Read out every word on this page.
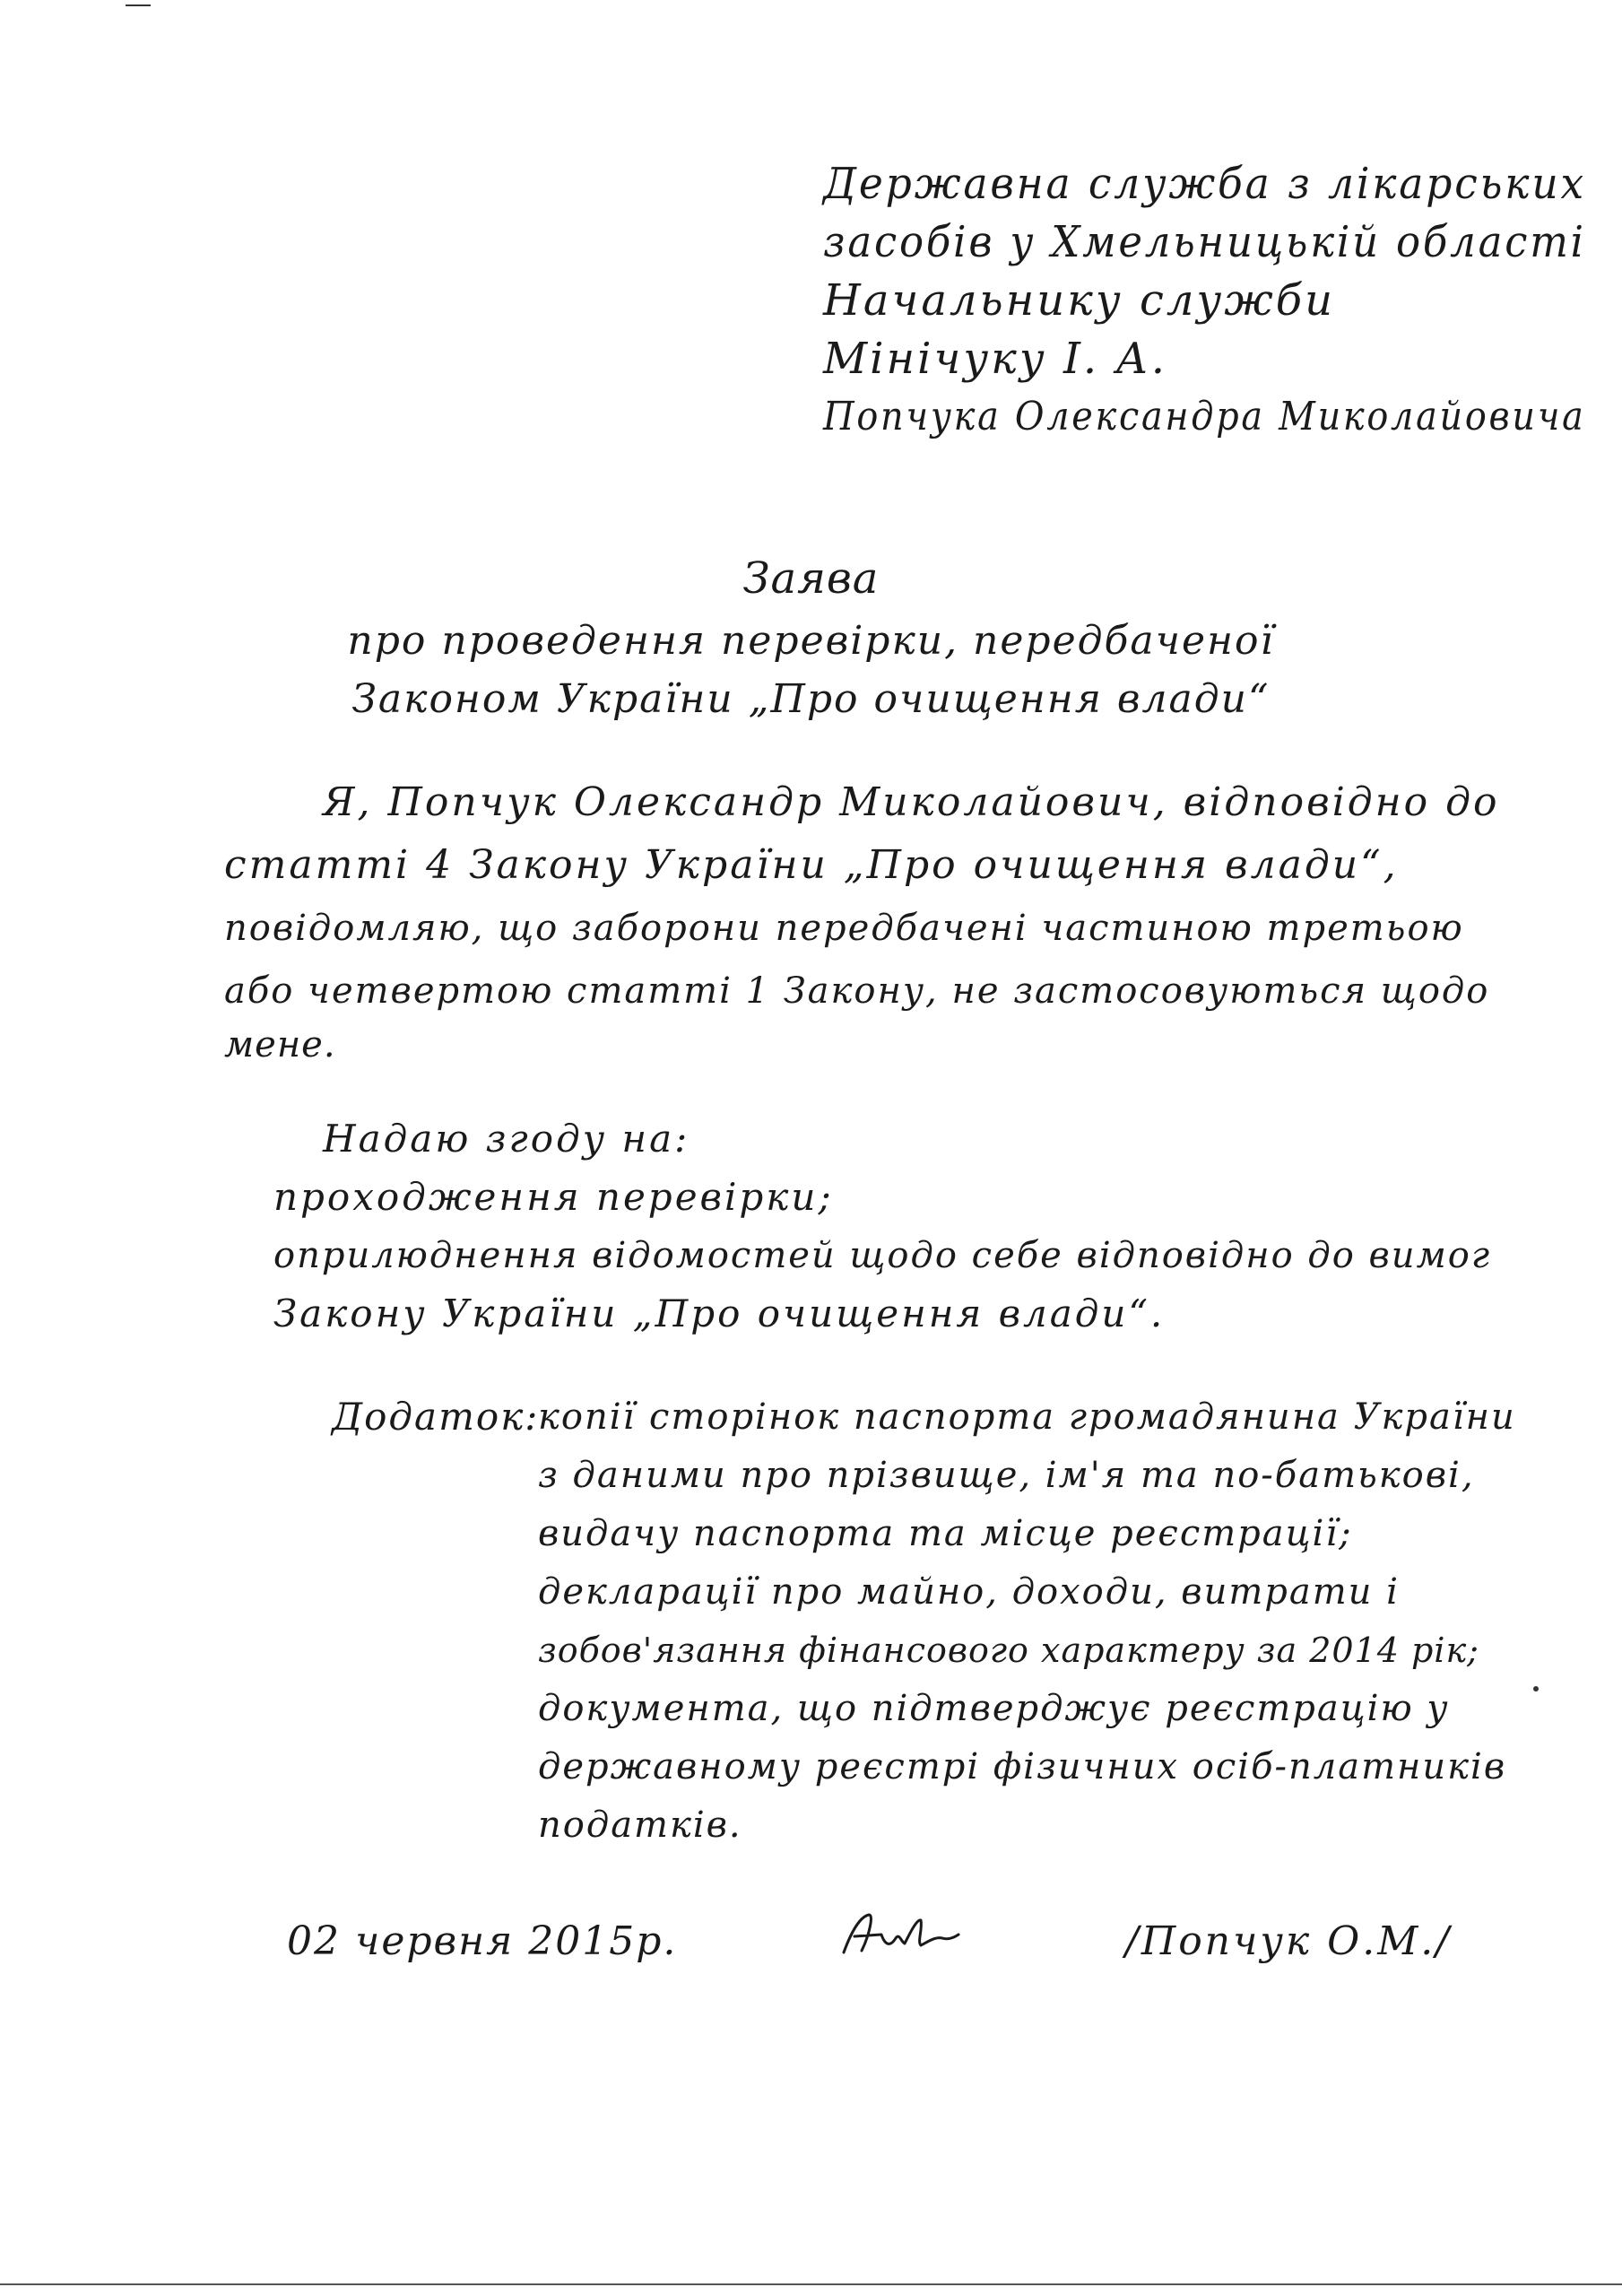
Державна служба з лікарських
засобів у Хмельницькій області
Начальнику служби
Мінічуку І. А.
Попчука Олександра Миколайовича
Заява
про проведення перевірки, передбаченої
Законом України „Про очищення влади“
Я, Попчук Олександр Миколайович, відповідно до
статті 4 Закону України „Про очищення влади“,
повідомляю, що заборони передбачені частиною третьою
або четвертою статті 1 Закону, не застосовуються щодо
мене.
Надаю згоду на:
проходження перевірки;
оприлюднення відомостей щодо себе відповідно до вимог
Закону України „Про очищення влади“.
Додаток:
копії сторінок паспорта громадянина України
з даними про прізвище, ім'я та по-батькові,
видачу паспорта та місце реєстрації;
декларації про майно, доходи, витрати і
зобов'язання фінансового характеру за 2014 рік;
документа, що підтверджує реєстрацію у
державному реєстрі фізичних осіб-платників
податків.
02 червня 2015р.	/Попчук О.М./
